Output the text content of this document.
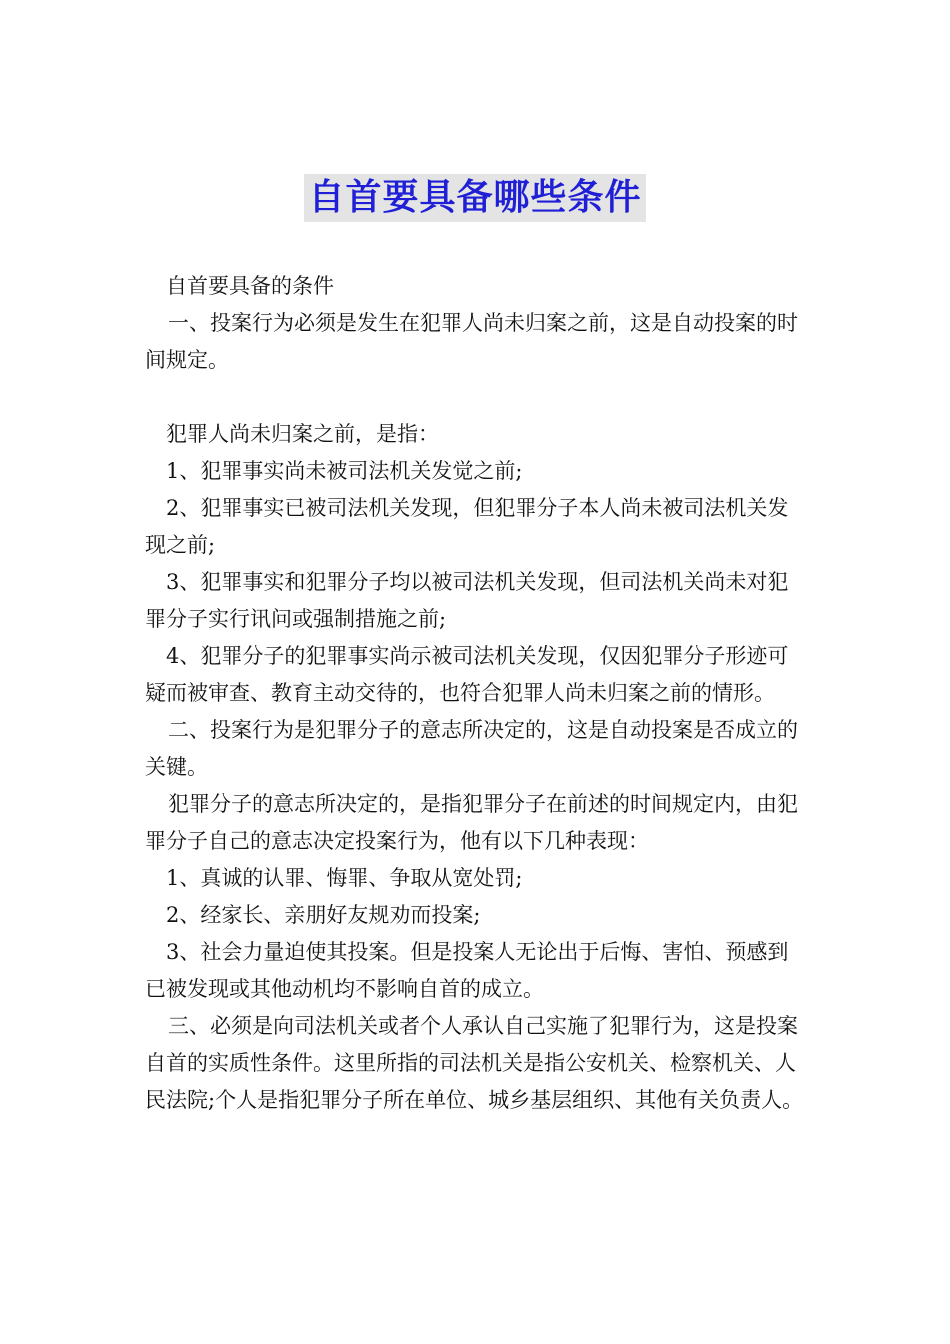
自首要具备哪些条件

自首要具备的条件

一、投案行为必须是发生在犯罪人尚未归案之前，这是自动投案的时间规定。

犯罪人尚未归案之前，是指：

1、犯罪事实尚未被司法机关发觉之前;

2、犯罪事实已被司法机关发现，但犯罪分子本人尚未被司法机关发现之前;

3、犯罪事实和犯罪分子均以被司法机关发现，但司法机关尚未对犯罪分子实行讯问或强制措施之前;

4、犯罪分子的犯罪事实尚示被司法机关发现，仅因犯罪分子形迹可疑而被审查、教育主动交待的，也符合犯罪人尚未归案之前的情形。

二、投案行为是犯罪分子的意志所决定的，这是自动投案是否成立的关键。

犯罪分子的意志所决定的，是指犯罪分子在前述的时间规定内，由犯罪分子自己的意志决定投案行为，他有以下几种表现：

1、真诚的认罪、悔罪、争取从宽处罚;

2、经家长、亲朋好友规劝而投案;

3、社会力量迫使其投案。但是投案人无论出于后悔、害怕、预感到已被发现或其他动机均不影响自首的成立。

三、必须是向司法机关或者个人承认自己实施了犯罪行为，这是投案自首的实质性条件。这里所指的司法机关是指公安机关、检察机关、人民法院;个人是指犯罪分子所在单位、城乡基层组织、其他有关负责人。
